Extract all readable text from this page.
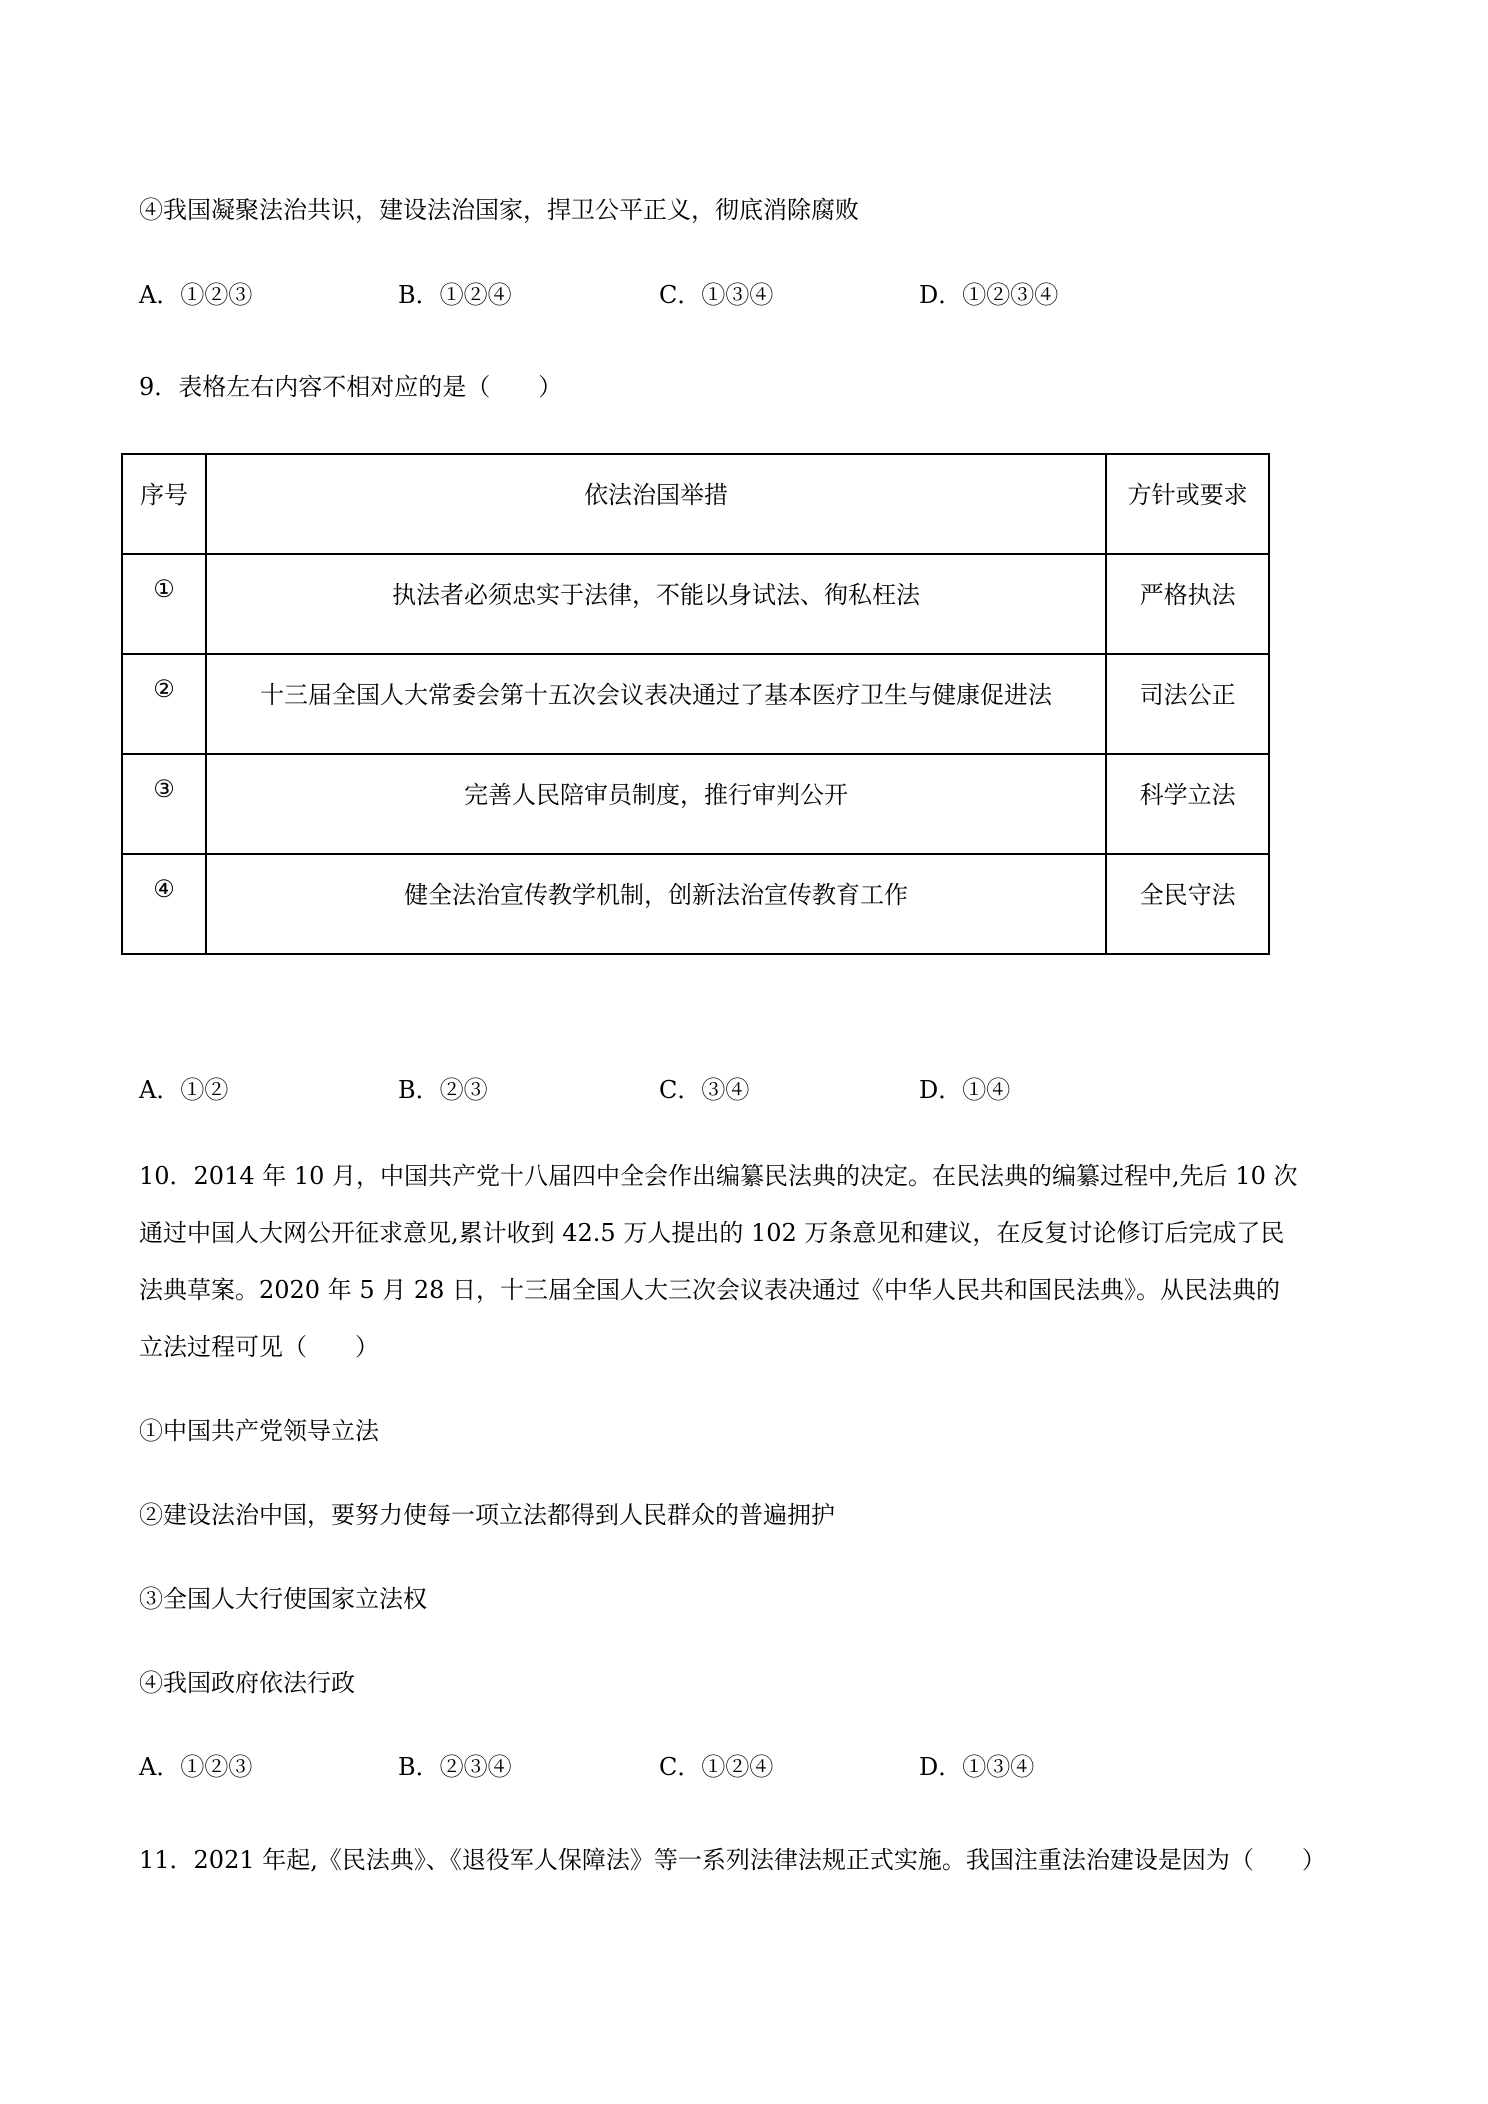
④我国凝聚法治共识，建设法治国家，捍卫公平正义，彻底消除腐败
A．①②③	B．①②④	C．①③④	D．①②③④
9．表格左右内容不相对应的是（　　）
序号	依法治国举措	方针或要求
①	执法者必须忠实于法律，不能以身试法、徇私枉法	严格执法
②	十三届全国人大常委会第十五次会议表决通过了基本医疗卫生与健康促进法	司法公正
③	完善人民陪审员制度，推行审判公开	科学立法
④	健全法治宣传教学机制，创新法治宣传教育工作	全民守法
A．①②	B．②③	C．③④	D．①④
10．2014 年 10 月，中国共产党十八届四中全会作出编纂民法典的决定。在民法典的编纂过程中,先后 10 次
通过中国人大网公开征求意见,累计收到 42.5 万人提出的 102 万条意见和建议，在反复讨论修订后完成了民
法典草案。2020 年 5 月 28 日，十三届全国人大三次会议表决通过《中华人民共和国民法典》。从民法典的
立法过程可见（　　）
①中国共产党领导立法
②建设法治中国，要努力使每一项立法都得到人民群众的普遍拥护
③全国人大行使国家立法权
④我国政府依法行政
A．①②③	B．②③④	C．①②④	D．①③④
11．2021 年起,《民法典》、《退役军人保障法》等一系列法律法规正式实施。我国注重法治建设是因为（　　）
